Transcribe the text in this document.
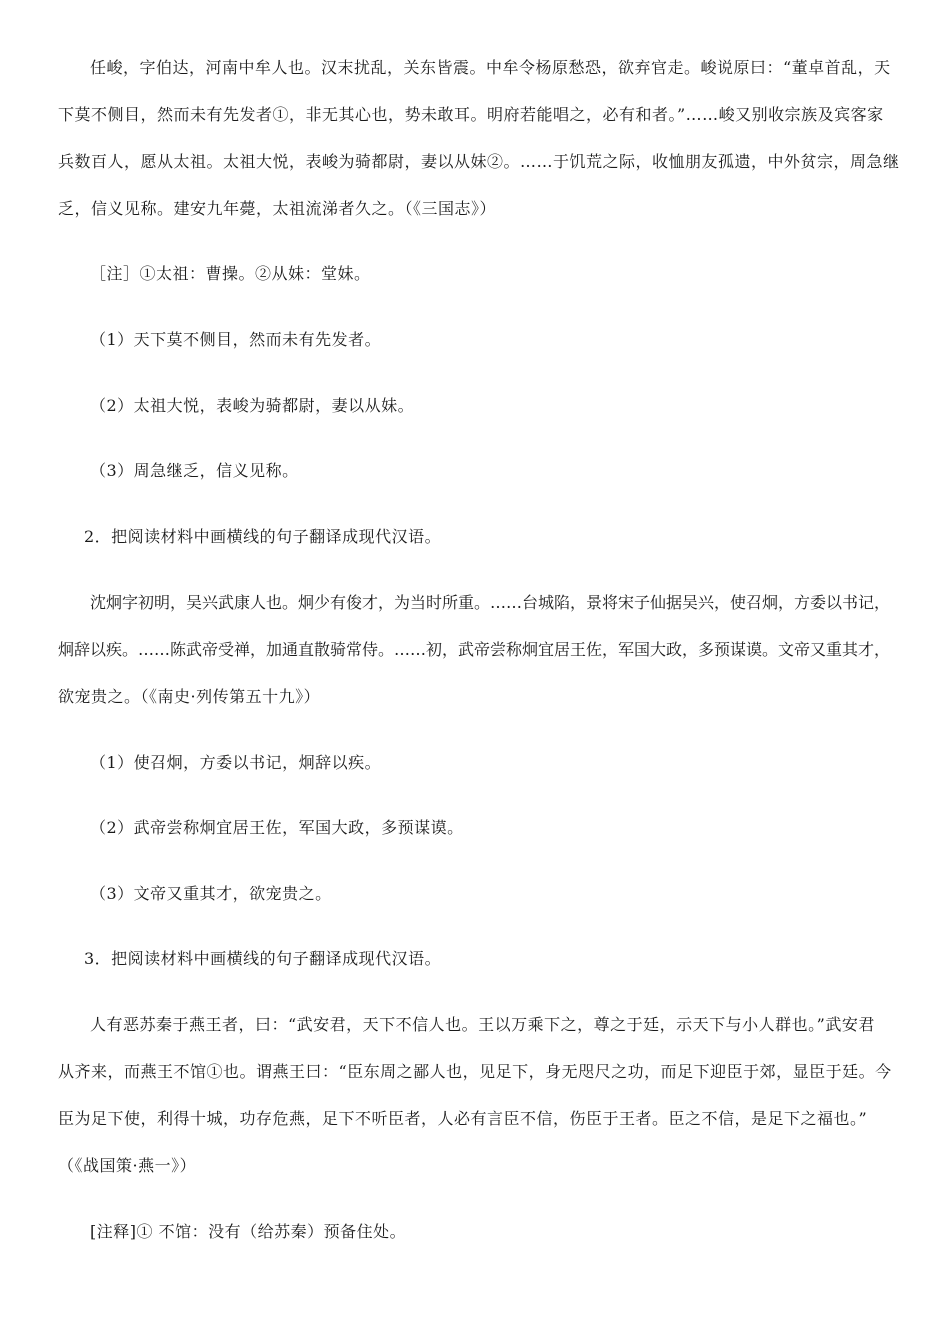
任峻，字伯达，河南中牟人也。汉末扰乱，关东皆震。中牟令杨原愁恐，欲弃官走。峻说原曰：“董卓首乱，天
下莫不侧目，然而未有先发者①，非无其心也，势未敢耳。明府若能唱之，必有和者。”……峻又别收宗族及宾客家
兵数百人，愿从太祖。太祖大悦，表峻为骑都尉，妻以从妹②。……于饥荒之际，收恤朋友孤遗，中外贫宗，周急继
乏，信义见称。建安九年薨，太祖流涕者久之。（《三国志》）
［注］①太祖：曹操。②从妹：堂妹。
（1）天下莫不侧目，然而未有先发者。
（2）太祖大悦，表峻为骑都尉，妻以从妹。
（3）周急继乏，信义见称。
2．把阅读材料中画横线的句子翻译成现代汉语。
沈炯字初明，吴兴武康人也。炯少有俊才，为当时所重。……台城陷，景将宋子仙据吴兴，使召炯，方委以书记，
炯辞以疾。……陈武帝受禅，加通直散骑常侍。……初，武帝尝称炯宜居王佐，军国大政，多预谋谟。文帝又重其才，
欲宠贵之。（《南史·列传第五十九》）
（1）使召炯，方委以书记，炯辞以疾。
（2）武帝尝称炯宜居王佐，军国大政，多预谋谟。
（3）文帝又重其才，欲宠贵之。
3．把阅读材料中画横线的句子翻译成现代汉语。
人有恶苏秦于燕王者，曰：“武安君，天下不信人也。王以万乘下之，尊之于廷，示天下与小人群也。”武安君
从齐来，而燕王不馆①也。谓燕王曰：“臣东周之鄙人也，见足下，身无咫尺之功，而足下迎臣于郊，显臣于廷。今
臣为足下使，利得十城，功存危燕，足下不听臣者，人必有言臣不信，伤臣于王者。臣之不信，是足下之福也。”
（《战国策·燕一》）
[注释]① 不馆：没有（给苏秦）预备住处。
